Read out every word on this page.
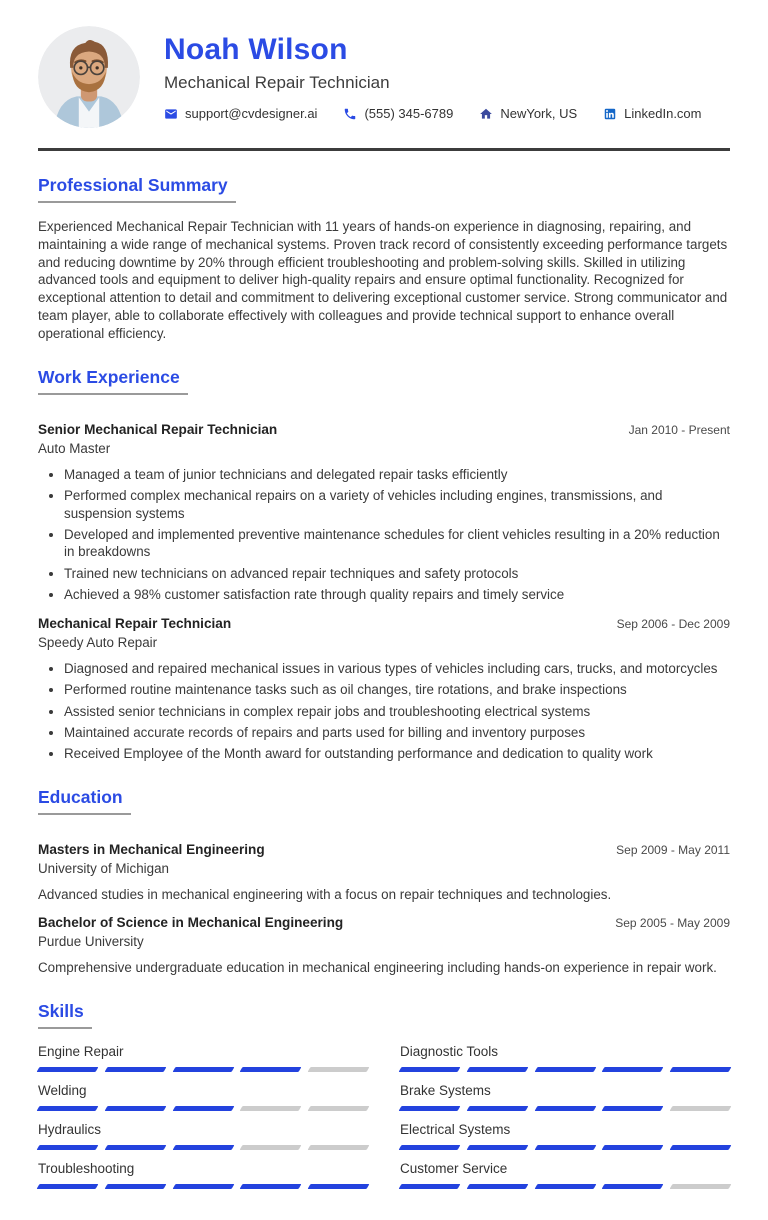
Noah Wilson
Mechanical Repair Technician
support@cvdesigner.ai	(555) 345-6789	NewYork, US	LinkedIn.com
Professional Summary

Experienced Mechanical Repair Technician with 11 years of hands-on experience in diagnosing, repairing, and maintaining a wide range of mechanical systems. Proven track record of consistently exceeding performance targets and reducing downtime by 20% through efficient troubleshooting and problem-solving skills. Skilled in utilizing advanced tools and equipment to deliver high-quality repairs and ensure optimal functionality. Recognized for exceptional attention to detail and commitment to delivering exceptional customer service. Strong communicator and team player, able to collaborate effectively with colleagues and provide technical support to enhance overall operational efficiency.

Work Experience
Senior Mechanical Repair Technician
Auto Master
Jan 2010 - Present
• Managed a team of junior technicians and delegated repair tasks efficiently
• Performed complex mechanical repairs on a variety of vehicles including engines, transmissions, and suspension systems
• Developed and implemented preventive maintenance schedules for client vehicles resulting in a 20% reduction in breakdowns
• Trained new technicians on advanced repair techniques and safety protocols
• Achieved a 98% customer satisfaction rate through quality repairs and timely service
Mechanical Repair Technician
Speedy Auto Repair
Sep 2006 - Dec 2009
• Diagnosed and repaired mechanical issues in various types of vehicles including cars, trucks, and motorcycles
• Performed routine maintenance tasks such as oil changes, tire rotations, and brake inspections
• Assisted senior technicians in complex repair jobs and troubleshooting electrical systems
• Maintained accurate records of repairs and parts used for billing and inventory purposes
• Received Employee of the Month award for outstanding performance and dedication to quality work
Education
Masters in Mechanical Engineering
University of Michigan
Sep 2009 - May 2011

Advanced studies in mechanical engineering with a focus on repair techniques and technologies.

Bachelor of Science in Mechanical Engineering
Purdue University
Sep 2005 - May 2009

Comprehensive undergraduate education in mechanical engineering including hands-on experience in repair work.

Skills
Engine Repair
Welding
Hydraulics
Troubleshooting
Diagnostic Tools
Brake Systems
Electrical Systems
Customer Service
